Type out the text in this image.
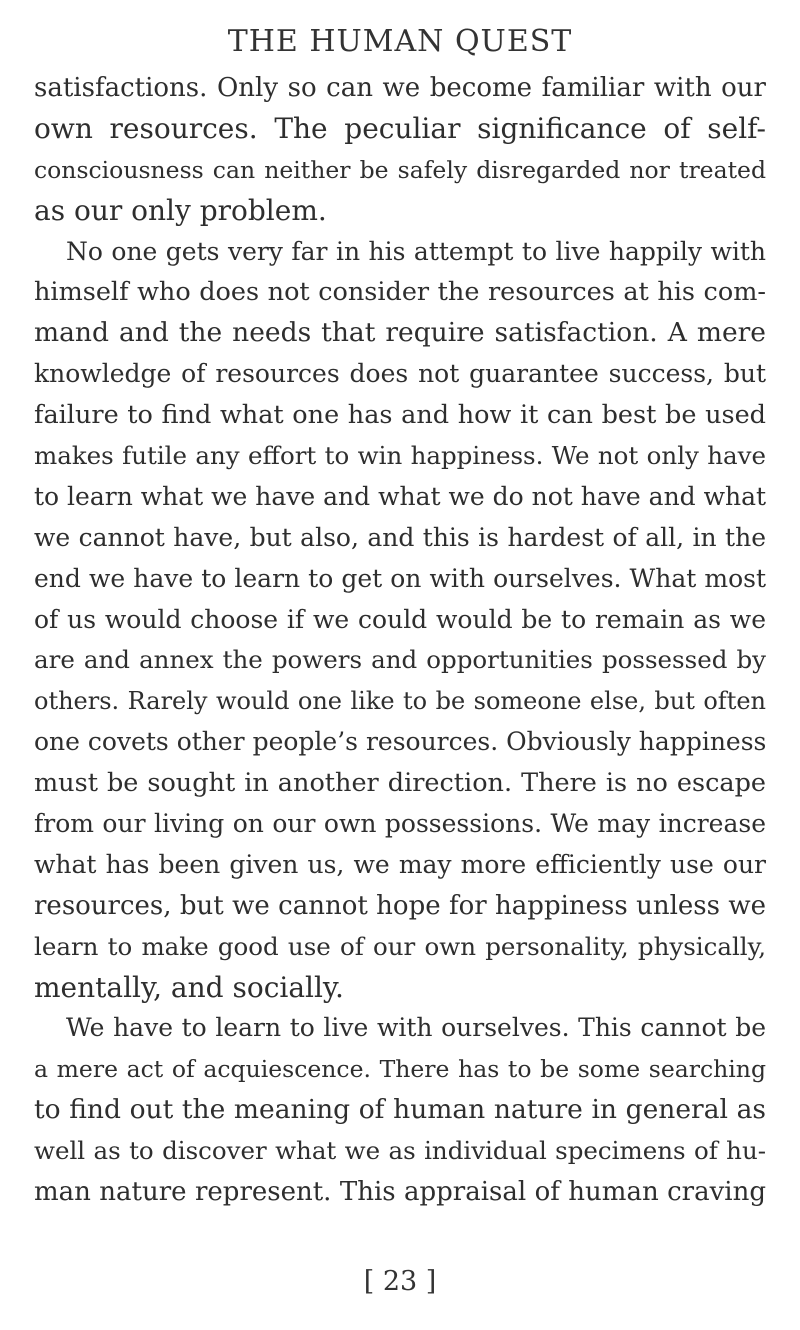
THE HUMAN QUEST
satisfactions. Only so can we become familiar with our
own resources. The peculiar significance of self-
consciousness can neither be safely disregarded nor treated
as our only problem.
No one gets very far in his attempt to live happily with
himself who does not consider the resources at his com-
mand and the needs that require satisfaction. A mere
knowledge of resources does not guarantee success, but
failure to find what one has and how it can best be used
makes futile any effort to win happiness. We not only have
to learn what we have and what we do not have and what
we cannot have, but also, and this is hardest of all, in the
end we have to learn to get on with ourselves. What most
of us would choose if we could would be to remain as we
are and annex the powers and opportunities possessed by
others. Rarely would one like to be someone else, but often
one covets other people’s resources. Obviously happiness
must be sought in another direction. There is no escape
from our living on our own possessions. We may increase
what has been given us, we may more efficiently use our
resources, but we cannot hope for happiness unless we
learn to make good use of our own personality, physically,
mentally, and socially.
We have to learn to live with ourselves. This cannot be
a mere act of acquiescence. There has to be some searching
to find out the meaning of human nature in general as
well as to discover what we as individual specimens of hu-
man nature represent. This appraisal of human craving
[ 23 ]
